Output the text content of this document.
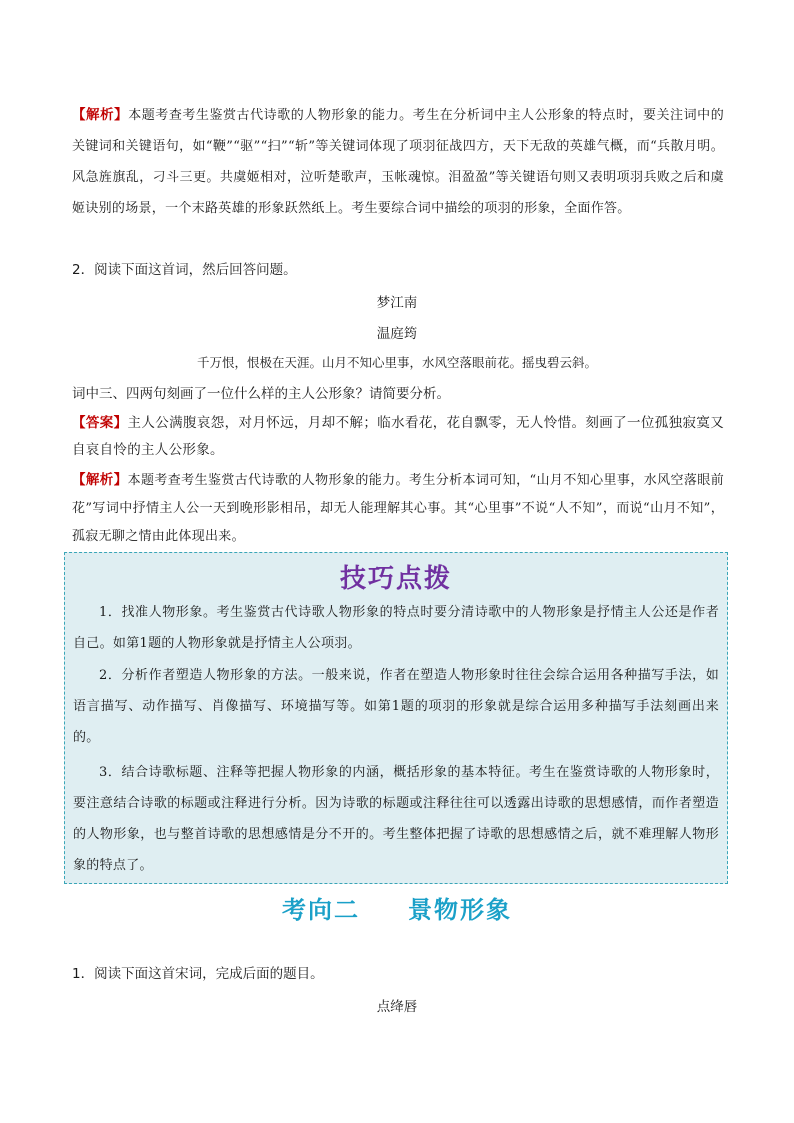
【解析】本题考查考生鉴赏古代诗歌的人物形象的能力。考生在分析词中主人公形象的特点时，要关注词中的关键词和关键语句，如“鞭”“驱”“扫”“斩”等关键词体现了项羽征战四方，天下无敌的英雄气概，而“兵散月明。风急旌旗乱，刁斗三更。共虞姬相对，泣听楚歌声，玉帐魂惊。泪盈盈”等关键语句则又表明项羽兵败之后和虞姬诀别的场景，一个末路英雄的形象跃然纸上。考生要综合词中描绘的项羽的形象，全面作答。
2．阅读下面这首词，然后回答问题。
梦江南
温庭筠
千万恨，恨极在天涯。山月不知心里事，水风空落眼前花。摇曳碧云斜。
词中三、四两句刻画了一位什么样的主人公形象？请简要分析。
【答案】主人公满腹哀怨，对月怀远，月却不解；临水看花，花自飘零，无人怜惜。刻画了一位孤独寂寞又自哀自怜的主人公形象。
【解析】本题考查考生鉴赏古代诗歌的人物形象的能力。考生分析本词可知，“山月不知心里事，水风空落眼前花”写词中抒情主人公一天到晚形影相吊，却无人能理解其心事。其“心里事”不说“人不知”，而说“山月不知”，孤寂无聊之情由此体现出来。
技巧点拨
1．找准人物形象。考生鉴赏古代诗歌人物形象的特点时要分清诗歌中的人物形象是抒情主人公还是作者自己。如第1题的人物形象就是抒情主人公项羽。
2．分析作者塑造人物形象的方法。一般来说，作者在塑造人物形象时往往会综合运用各种描写手法，如语言描写、动作描写、肖像描写、环境描写等。如第1题的项羽的形象就是综合运用多种描写手法刻画出来的。
3．结合诗歌标题、注释等把握人物形象的内涵，概括形象的基本特征。考生在鉴赏诗歌的人物形象时，要注意结合诗歌的标题或注释进行分析。因为诗歌的标题或注释往往可以透露出诗歌的思想感情，而作者塑造的人物形象，也与整首诗歌的思想感情是分不开的。考生整体把握了诗歌的思想感情之后，就不难理解人物形象的特点了。
考向二 景物形象
1．阅读下面这首宋词，完成后面的题目。
点绛唇
